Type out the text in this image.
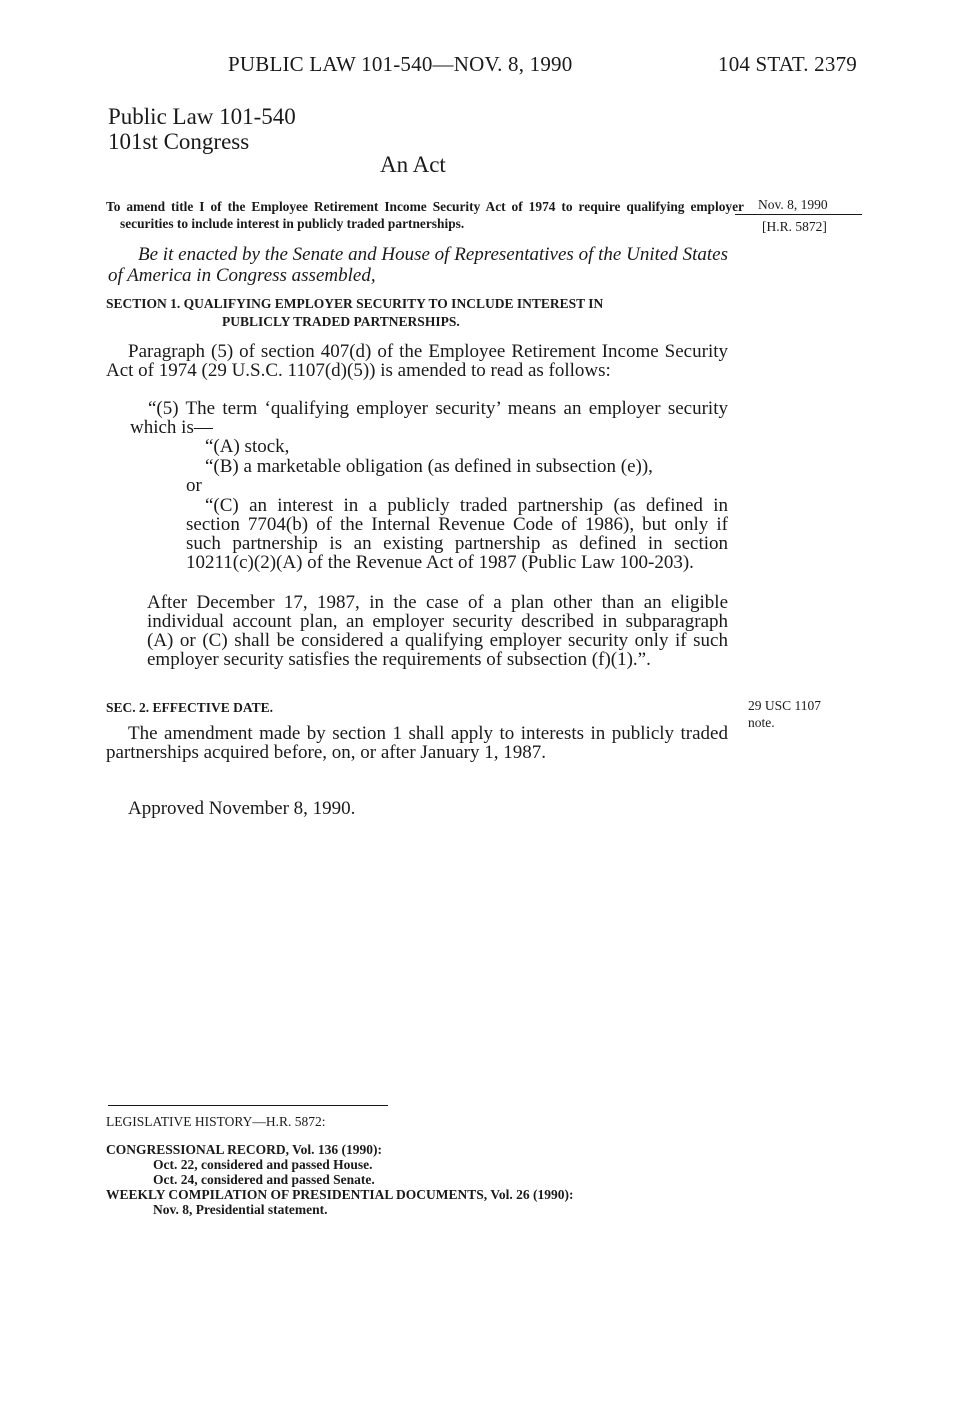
PUBLIC LAW 101-540—NOV. 8, 1990	104 STAT. 2379
Public Law 101-540
101st Congress
An Act
To amend title I of the Employee Retirement Income Security Act of 1974 to require qualifying employer securities to include interest in publicly traded partnerships.
Nov. 8, 1990
[H.R. 5872]
Be it enacted by the Senate and House of Representatives of the United States of America in Congress assembled,
SECTION 1. QUALIFYING EMPLOYER SECURITY TO INCLUDE INTEREST IN
PUBLICLY TRADED PARTNERSHIPS.
Paragraph (5) of section 407(d) of the Employee Retirement Income Security Act of 1974 (29 U.S.C. 1107(d)(5)) is amended to read as follows:
“(5) The term ‘qualifying employer security’ means an employer security which is—
“(A) stock,
“(B) a marketable obligation (as defined in subsection (e)),
or
“(C) an interest in a publicly traded partnership (as defined in section 7704(b) of the Internal Revenue Code of 1986), but only if such partnership is an existing partnership as defined in section 10211(c)(2)(A) of the Revenue Act of 1987 (Public Law 100-203).
After December 17, 1987, in the case of a plan other than an eligible individual account plan, an employer security described in subparagraph (A) or (C) shall be considered a qualifying employer security only if such employer security satisfies the requirements of subsection (f)(1).”.
SEC. 2. EFFECTIVE DATE.	29 USC 1107
note.
The amendment made by section 1 shall apply to interests in publicly traded partnerships acquired before, on, or after January 1, 1987.
Approved November 8, 1990.
LEGISLATIVE HISTORY—H.R. 5872:
CONGRESSIONAL RECORD, Vol. 136 (1990):
Oct. 22, considered and passed House.
Oct. 24, considered and passed Senate.
WEEKLY COMPILATION OF PRESIDENTIAL DOCUMENTS, Vol. 26 (1990):
Nov. 8, Presidential statement.
